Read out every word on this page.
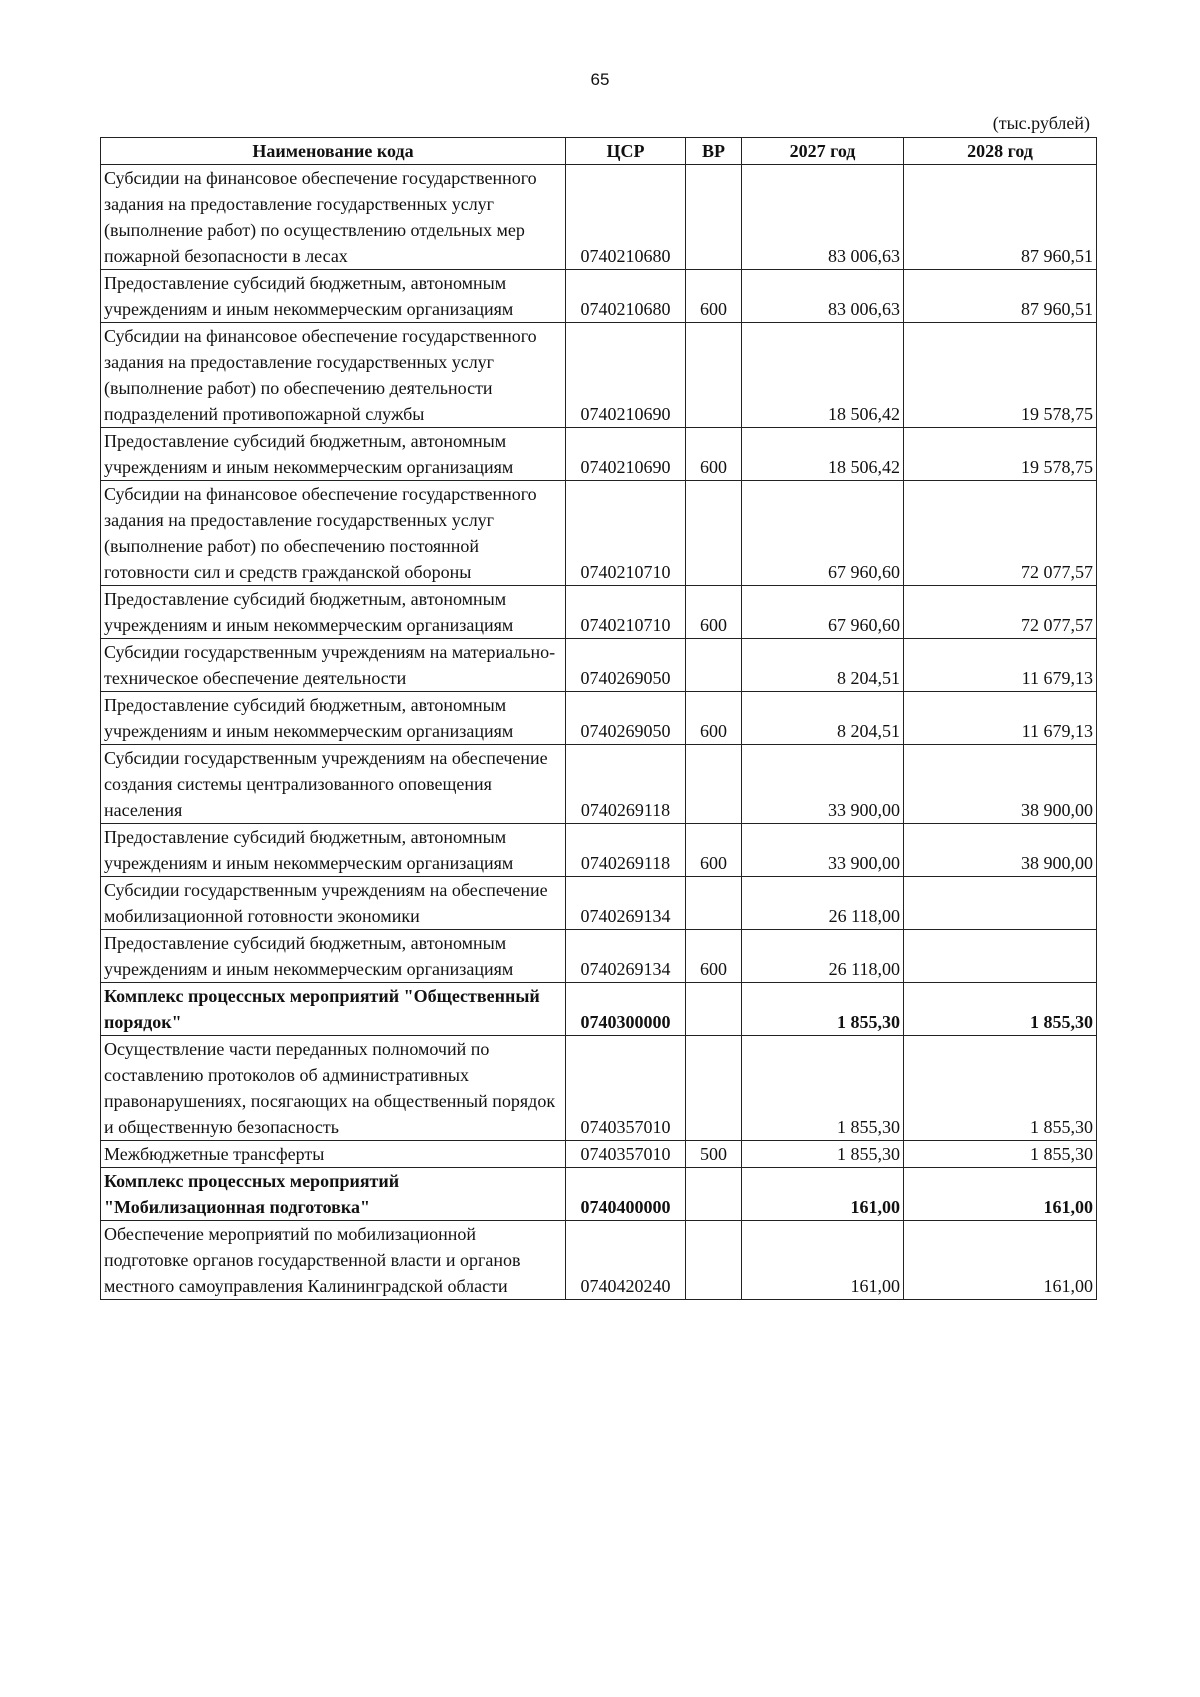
65
(тыс.рублей)
Наименование кода	ЦСР	ВР	2027 год	2028 год
Субсидии на финансовое обеспечение государственного задания на предоставление государственных услуг (выполнение работ) по осуществлению отдельных мер пожарной безопасности в лесах	0740210680		83 006,63	87 960,51
Предоставление субсидий бюджетным, автономным учреждениям и иным некоммерческим организациям	0740210680	600	83 006,63	87 960,51
Субсидии на финансовое обеспечение государственного задания на предоставление государственных услуг (выполнение работ) по обеспечению деятельности подразделений противопожарной службы	0740210690		18 506,42	19 578,75
Предоставление субсидий бюджетным, автономным учреждениям и иным некоммерческим организациям	0740210690	600	18 506,42	19 578,75
Субсидии на финансовое обеспечение государственного задания на предоставление государственных услуг (выполнение работ) по обеспечению постоянной готовности сил и средств гражданской обороны	0740210710		67 960,60	72 077,57
Предоставление субсидий бюджетным, автономным учреждениям и иным некоммерческим организациям	0740210710	600	67 960,60	72 077,57
Субсидии государственным учреждениям на материально-техническое обеспечение деятельности	0740269050		8 204,51	11 679,13
Предоставление субсидий бюджетным, автономным учреждениям и иным некоммерческим организациям	0740269050	600	8 204,51	11 679,13
Субсидии государственным учреждениям на обеспечение создания системы централизованного оповещения населения	0740269118		33 900,00	38 900,00
Предоставление субсидий бюджетным, автономным учреждениям и иным некоммерческим организациям	0740269118	600	33 900,00	38 900,00
Субсидии государственным учреждениям на обеспечение мобилизационной готовности экономики	0740269134		26 118,00	
Предоставление субсидий бюджетным, автономным учреждениям и иным некоммерческим организациям	0740269134	600	26 118,00	
Комплекс процессных мероприятий "Общественный порядок"	0740300000		1 855,30	1 855,30
Осуществление части переданных полномочий по составлению протоколов об административных правонарушениях, посягающих на общественный порядок и общественную безопасность	0740357010		1 855,30	1 855,30
Межбюджетные трансферты	0740357010	500	1 855,30	1 855,30
Комплекс процессных мероприятий "Мобилизационная подготовка"	0740400000		161,00	161,00
Обеспечение мероприятий по мобилизационной подготовке органов государственной власти и органов местного самоуправления Калининградской области	0740420240		161,00	161,00
